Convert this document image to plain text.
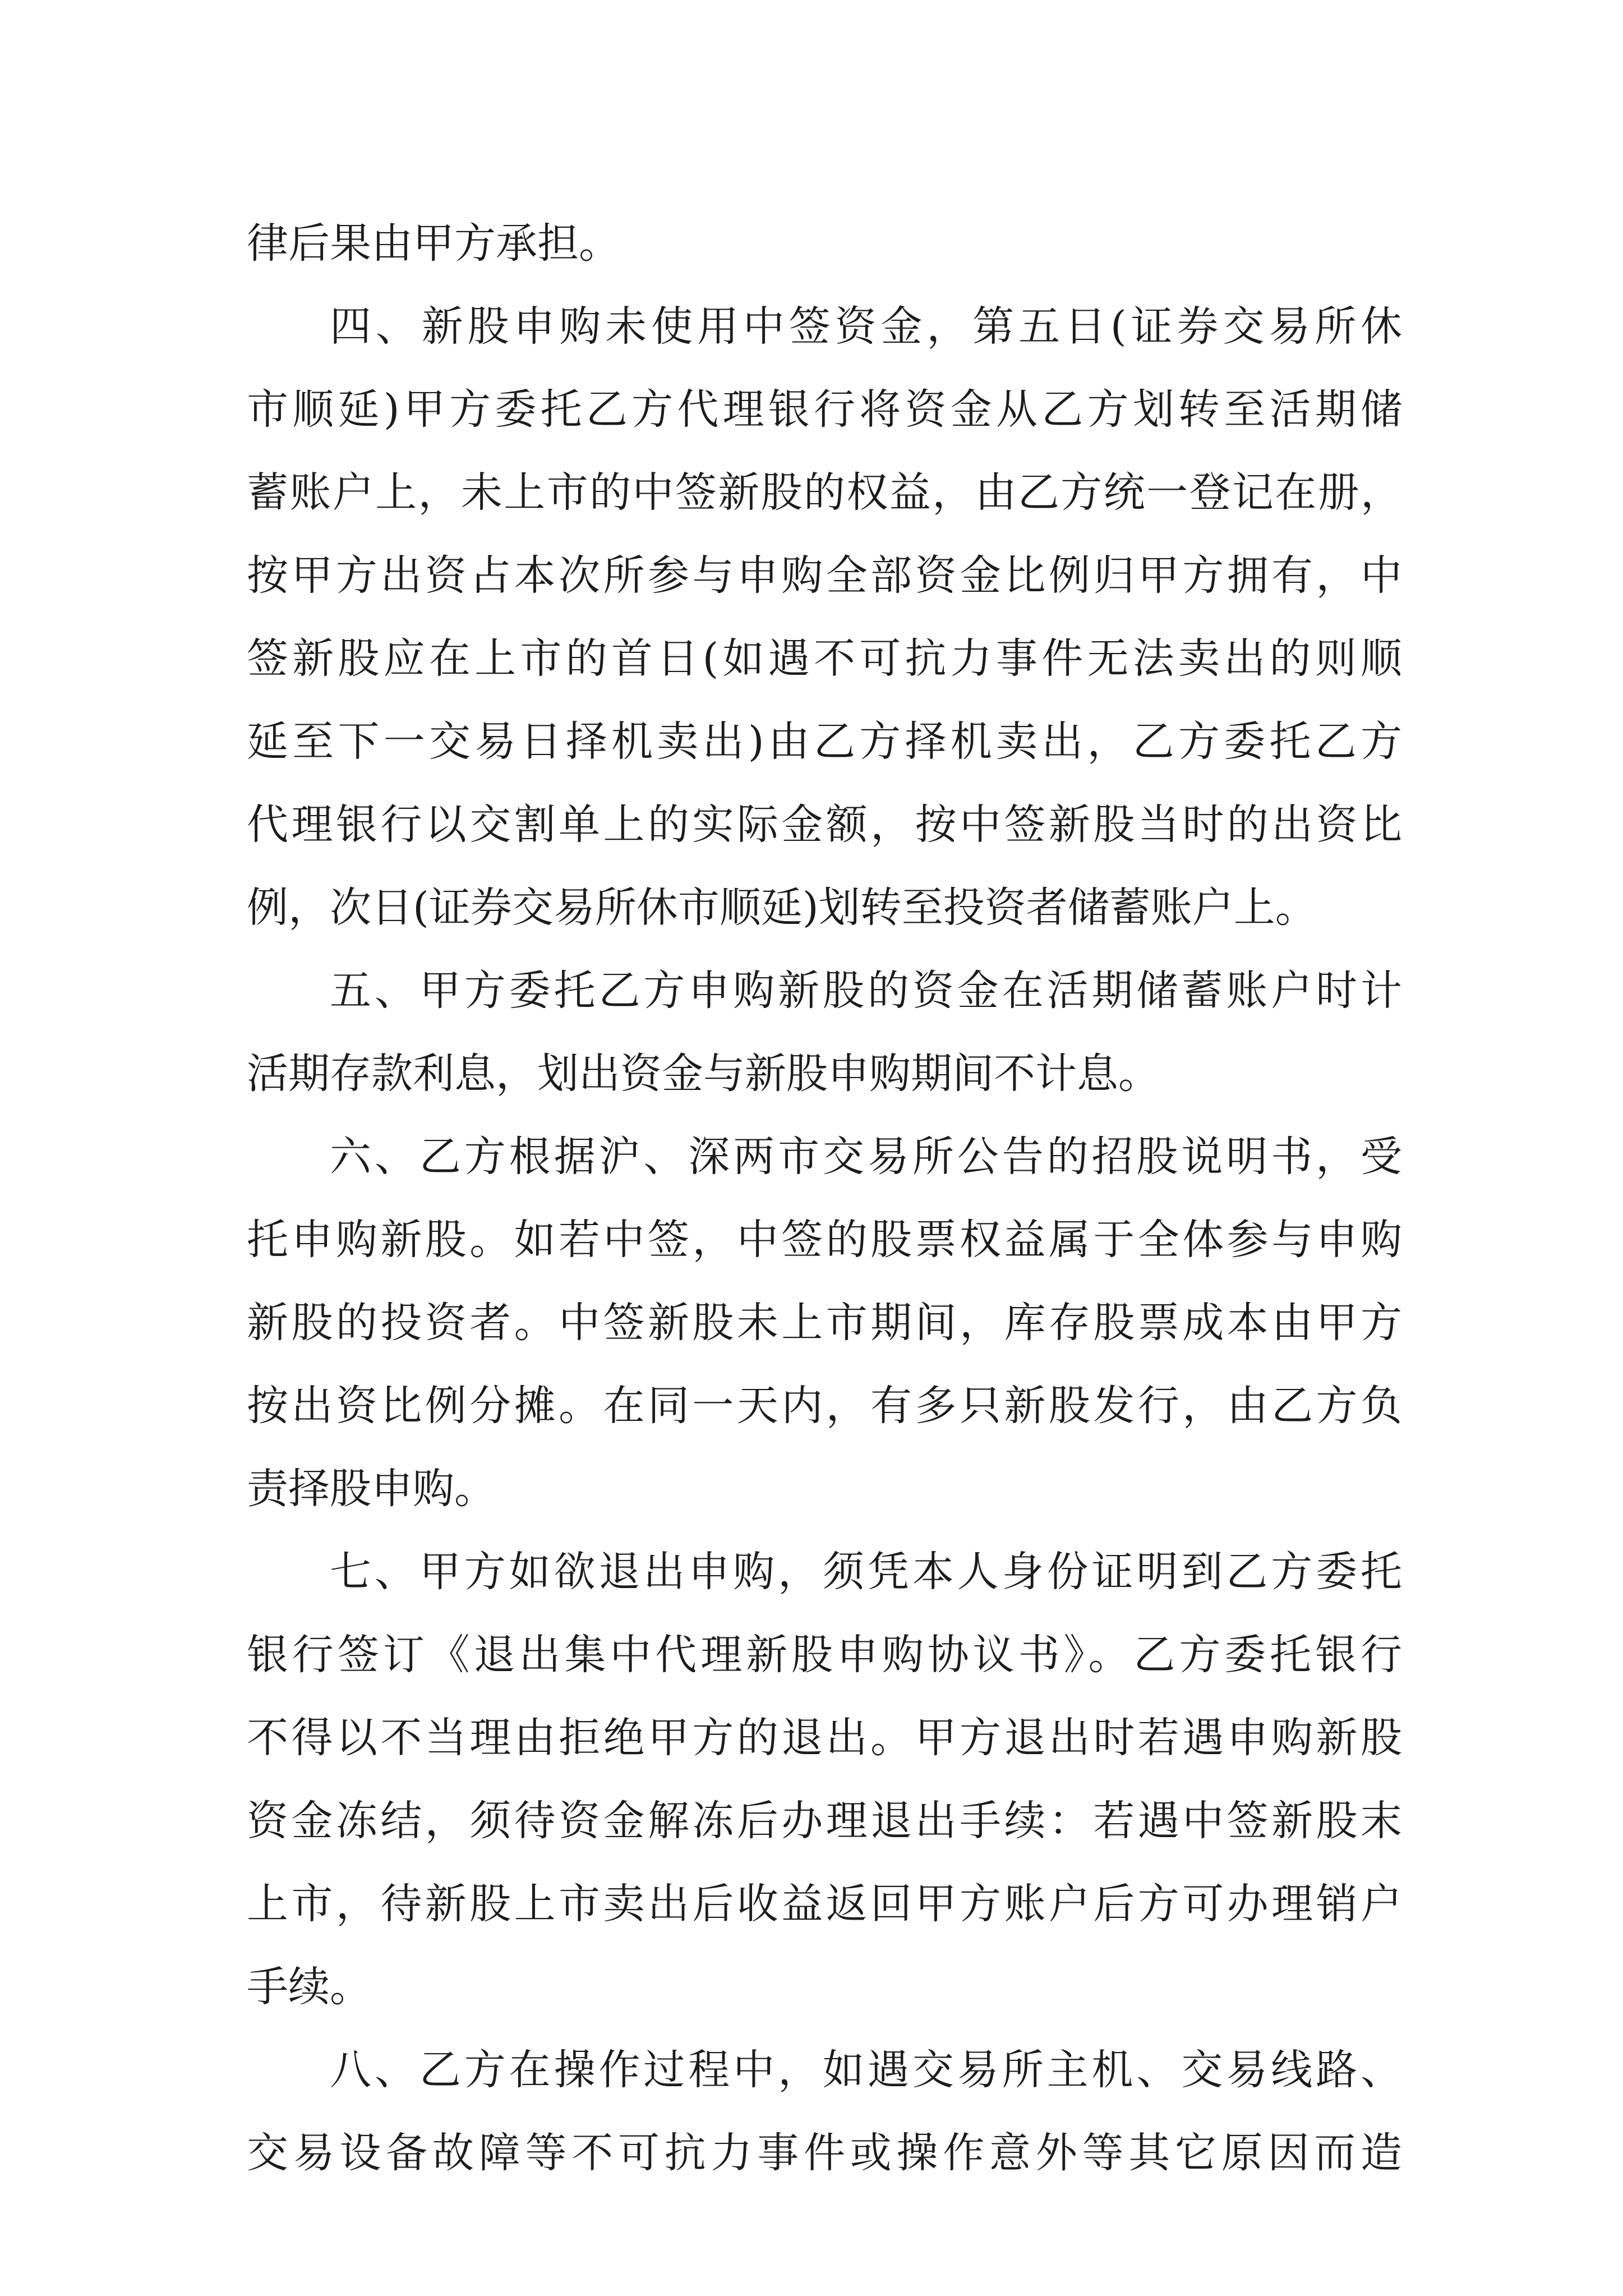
律后果由甲方承担。
四、新股申购未使用中签资金，第五日(证券交易所休
市顺延)甲方委托乙方代理银行将资金从乙方划转至活期储
蓄账户上，未上市的中签新股的权益，由乙方统一登记在册，
按甲方出资占本次所参与申购全部资金比例归甲方拥有，中
签新股应在上市的首日(如遇不可抗力事件无法卖出的则顺
延至下一交易日择机卖出)由乙方择机卖出，乙方委托乙方
代理银行以交割单上的实际金额，按中签新股当时的出资比
例，次日(证券交易所休市顺延)划转至投资者储蓄账户上。
五、甲方委托乙方申购新股的资金在活期储蓄账户时计
活期存款利息，划出资金与新股申购期间不计息。
六、乙方根据沪、深两市交易所公告的招股说明书，受
托申购新股。如若中签，中签的股票权益属于全体参与申购
新股的投资者。中签新股未上市期间，库存股票成本由甲方
按出资比例分摊。在同一天内，有多只新股发行，由乙方负
责择股申购。
七、甲方如欲退出申购，须凭本人身份证明到乙方委托
银行签订《退出集中代理新股申购协议书》。乙方委托银行
不得以不当理由拒绝甲方的退出。甲方退出时若遇申购新股
资金冻结，须待资金解冻后办理退出手续：若遇中签新股末
上市，待新股上市卖出后收益返回甲方账户后方可办理销户
手续。
八、乙方在操作过程中，如遇交易所主机、交易线路、
交易设备故障等不可抗力事件或操作意外等其它原因而造
